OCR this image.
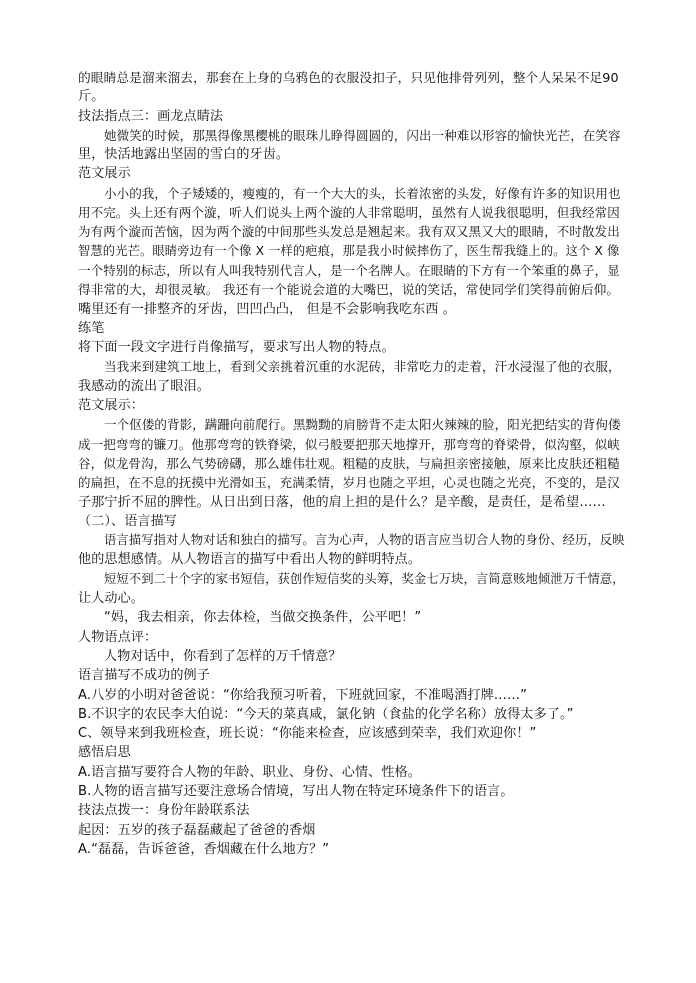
的眼睛总是溜来溜去，那套在上身的乌鸦色的衣服没扣子，只见他排骨列列，整个人呆呆不足90
斤。
技法指点三：画龙点睛法
她微笑的时候，那黑得像黑樱桃的眼珠儿睁得圆圆的，闪出一种难以形容的愉快光芒，在笑容
里，快活地露出坚固的雪白的牙齿。
范文展示
小小的我，个子矮矮的，瘦瘦的，有一个大大的头，长着浓密的头发，好像有许多的知识用也
用不完。头上还有两个漩，听人们说头上两个漩的人非常聪明，虽然有人说我很聪明，但我经常因
为有两个漩而苦恼，因为两个漩的中间那些头发总是翘起来。我有双又黑又大的眼睛，不时散发出
智慧的光芒。眼睛旁边有一个像 X 一样的疤痕，那是我小时候摔伤了，医生帮我缝上的。这个 X 像
一个特别的标志，所以有人叫我特别代言人，是一个名牌人。在眼睛的下方有一个笨重的鼻子，显
得非常的大，却很灵敏。 我还有一个能说会道的大嘴巴，说的笑话，常使同学们笑得前俯后仰。
嘴里还有一排整齐的牙齿，凹凹凸凸， 但是不会影响我吃东西 。
练笔
将下面一段文字进行肖像描写，要求写出人物的特点。
当我来到建筑工地上，看到父亲挑着沉重的水泥砖，非常吃力的走着，汗水浸湿了他的衣服，
我感动的流出了眼泪。
范文展示：
一个伛偻的背影，蹒跚向前爬行。黑黝黝的肩膀背不走太阳火辣辣的脸，阳光把结实的背佝偻
成一把弯弯的镰刀。他那弯弯的铁脊梁，似弓般要把那天地撑开，那弯弯的脊梁骨，似沟壑，似峡
谷，似龙骨沟，那么气势磅礴，那么雄伟壮观。粗糙的皮肤，与扁担亲密接触，原来比皮肤还粗糙
的扁担，在不息的抚摸中光滑如玉，充满柔情，岁月也随之平坦，心灵也随之光亮，不变的，是汉
子那宁折不屈的脾性。从日出到日落，他的肩上担的是什么？是辛酸，是责任，是希望……
（二）、语言描写
语言描写指对人物对话和独白的描写。言为心声，人物的语言应当切合人物的身份、经历，反映
他的思想感情。从人物语言的描写中看出人物的鲜明特点。
短短不到二十个字的家书短信，获创作短信奖的头筹，奖金七万块，言简意赅地倾泄万千情意，
让人动心。
“妈，我去相亲，你去体检，当做交换条件，公平吧！”
人物语点评：
人物对话中，你看到了怎样的万千情意？
语言描写不成功的例子
A.八岁的小明对爸爸说：“你给我预习听着，下班就回家，不准喝酒打牌……”
B.不识字的农民李大伯说：“今天的菜真咸，氯化钠（食盐的化学名称）放得太多了。”
C、领导来到我班检查，班长说：“你能来检查，应该感到荣幸，我们欢迎你！”
感悟启思
A.语言描写要符合人物的年龄、职业、身份、心情、性格。
B.人物的语言描写还要注意场合情境，写出人物在特定环境条件下的语言。
技法点拨一：身份年龄联系法
起因：五岁的孩子磊磊藏起了爸爸的香烟
A.“磊磊，告诉爸爸，香烟藏在什么地方？”
